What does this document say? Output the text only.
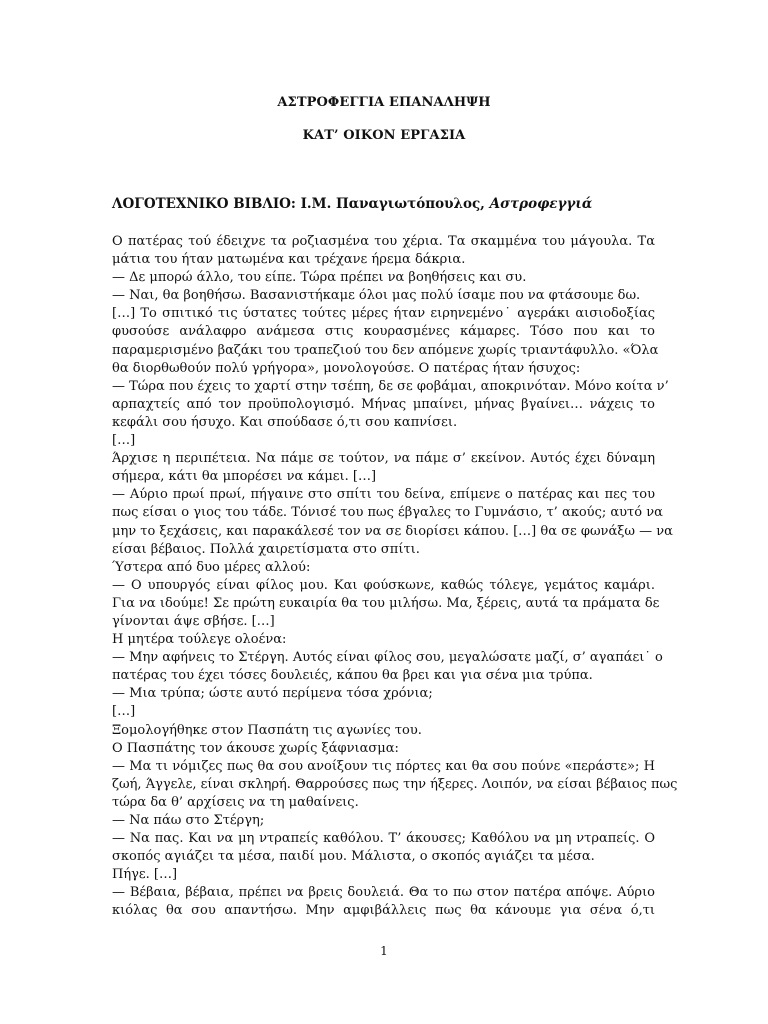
ΑΣΤΡΟΦΕΓΓΙΑ ΕΠΑΝΑΛΗΨΗ
ΚΑΤ’ ΟΙΚΟΝ ΕΡΓΑΣΙΑ
ΛΟΓΟΤΕΧΝΙΚΟ ΒΙΒΛΙΟ: Ι.Μ. Παναγιωτόπουλος, Αστροφεγγιά
Ο πατέρας τού έδειχνε τα ροζιασμένα του χέρια. Τα σκαμμένα του μάγουλα. Τα
μάτια του ήταν ματωμένα και τρέχανε ήρεμα δάκρια.
— Δε μπορώ άλλο, του είπε. Τώρα πρέπει να βοηθήσεις και συ.
— Ναι, θα βοηθήσω. Βασανιστήκαμε όλοι μας πολύ ίσαμε που να φτάσουμε δω.
[…] Το σπιτικό τις ύστατες τούτες μέρες ήταν ειρηνεμένο˙ αγεράκι αισιοδοξίας
φυσούσε ανάλαφρο ανάμεσα στις κουρασμένες κάμαρες. Τόσο που και το
παραμερισμένο βαζάκι του τραπεζιού του δεν απόμενε χωρίς τριαντάφυλλο. «Όλα
θα διορθωθούν πολύ γρήγορα», μονολογούσε. Ο πατέρας ήταν ήσυχος:
— Τώρα που έχεις το χαρτί στην τσέπη, δε σε φοβάμαι, αποκρινόταν. Μόνο κοίτα ν’
αρπαχτείς από τον προϋπολογισμό. Μήνας μπαίνει, μήνας βγαίνει… νάχεις το
κεφάλι σου ήσυχο. Και σπούδασε ό,τι σου καπνίσει.
[…]
Άρχισε η περιπέτεια. Να πάμε σε τούτον, να πάμε σ’ εκείνον. Αυτός έχει δύναμη
σήμερα, κάτι θα μπορέσει να κάμει. […]
— Αύριο πρωί πρωί, πήγαινε στο σπίτι του δείνα, επίμενε ο πατέρας και πες του
πως είσαι ο γιος του τάδε. Τόνισέ του πως έβγαλες το Γυμνάσιο, τ’ ακούς; αυτό να
μην το ξεχάσεις, και παρακάλεσέ τον να σε διορίσει κάπου. […] θα σε φωνάξω — να
είσαι βέβαιος. Πολλά χαιρετίσματα στο σπίτι.
Ύστερα από δυο μέρες αλλού:
— Ο υπουργός είναι φίλος μου. Και φούσκωνε, καθώς τόλεγε, γεμάτος καμάρι.
Για να ιδούμε! Σε πρώτη ευκαιρία θα του μιλήσω. Μα, ξέρεις, αυτά τα πράματα δε
γίνονται άψε σβήσε. […]
Η μητέρα τούλεγε ολοένα:
— Μην αφήνεις το Στέργη. Αυτός είναι φίλος σου, μεγαλώσατε μαζί, σ’ αγαπάει˙ ο
πατέρας του έχει τόσες δουλειές, κάπου θα βρει και για σένα μια τρύπα.
— Μια τρύπα; ώστε αυτό περίμενα τόσα χρόνια;
[…]
Ξομολογήθηκε στον Πασπάτη τις αγωνίες του.
Ο Πασπάτης τον άκουσε χωρίς ξάφνιασμα:
— Μα τι νόμιζες πως θα σου ανοίξουν τις πόρτες και θα σου πούνε «περάστε»; Η
ζωή, Άγγελε, είναι σκληρή. Θαρρούσες πως την ήξερες. Λοιπόν, να είσαι βέβαιος πως
τώρα δα θ’ αρχίσεις να τη μαθαίνεις.
— Να πάω στο Στέργη;
— Να πας. Και να μη ντραπείς καθόλου. Τ’ άκουσες; Καθόλου να μη ντραπείς. Ο
σκοπός αγιάζει τα μέσα, παιδί μου. Μάλιστα, ο σκοπός αγιάζει τα μέσα.
Πήγε. […]
— Βέβαια, βέβαια, πρέπει να βρεις δουλειά. Θα το πω στον πατέρα απόψε. Αύριο
κιόλας θα σου απαντήσω. Μην αμφιβάλλεις πως θα κάνουμε για σένα ό,τι
1
